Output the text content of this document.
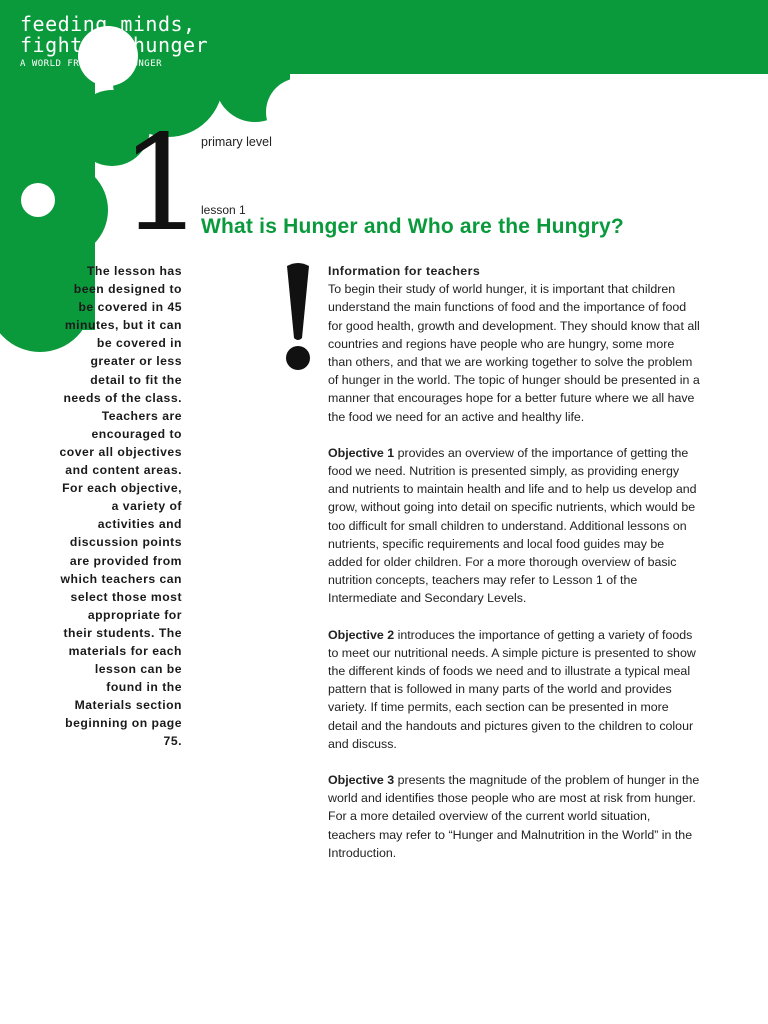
feeding minds,
fighting hunger
A WORLD FREE FROM HUNGER
1
primary level
lesson 1
What is Hunger and Who are the Hungry?
The lesson has been designed to be covered in 45 minutes, but it can be covered in greater or less detail to fit the needs of the class. Teachers are encouraged to cover all objectives and content areas. For each objective, a variety of activities and discussion points are provided from which teachers can select those most appropriate for their students. The materials for each lesson can be found in the Materials section beginning on page 75.

Information for teachers
To begin their study of world hunger, it is important that children understand the main functions of food and the importance of food for good health, growth and development. They should know that all countries and regions have people who are hungry, some more than others, and that we are working together to solve the problem of hunger in the world. The topic of hunger should be presented in a manner that encourages hope for a better future where we all have the food we need for an active and healthy life.

Objective 1 provides an overview of the importance of getting the food we need. Nutrition is presented simply, as providing energy and nutrients to maintain health and life and to help us develop and grow, without going into detail on specific nutrients, which would be too difficult for small children to understand. Additional lessons on nutrients, specific requirements and local food guides may be added for older children. For a more thorough overview of basic nutrition concepts, teachers may refer to Lesson 1 of the Intermediate and Secondary Levels.

Objective 2 introduces the importance of getting a variety of foods to meet our nutritional needs. A simple picture is presented to show the different kinds of foods we need and to illustrate a typical meal pattern that is followed in many parts of the world and provides variety. If time permits, each section can be presented in more detail and the handouts and pictures given to the children to colour and discuss.

Objective 3 presents the magnitude of the problem of hunger in the world and identifies those people who are most at risk from hunger. For a more detailed overview of the current world situation, teachers may refer to “Hunger and Malnutrition in the World” in the Introduction.
